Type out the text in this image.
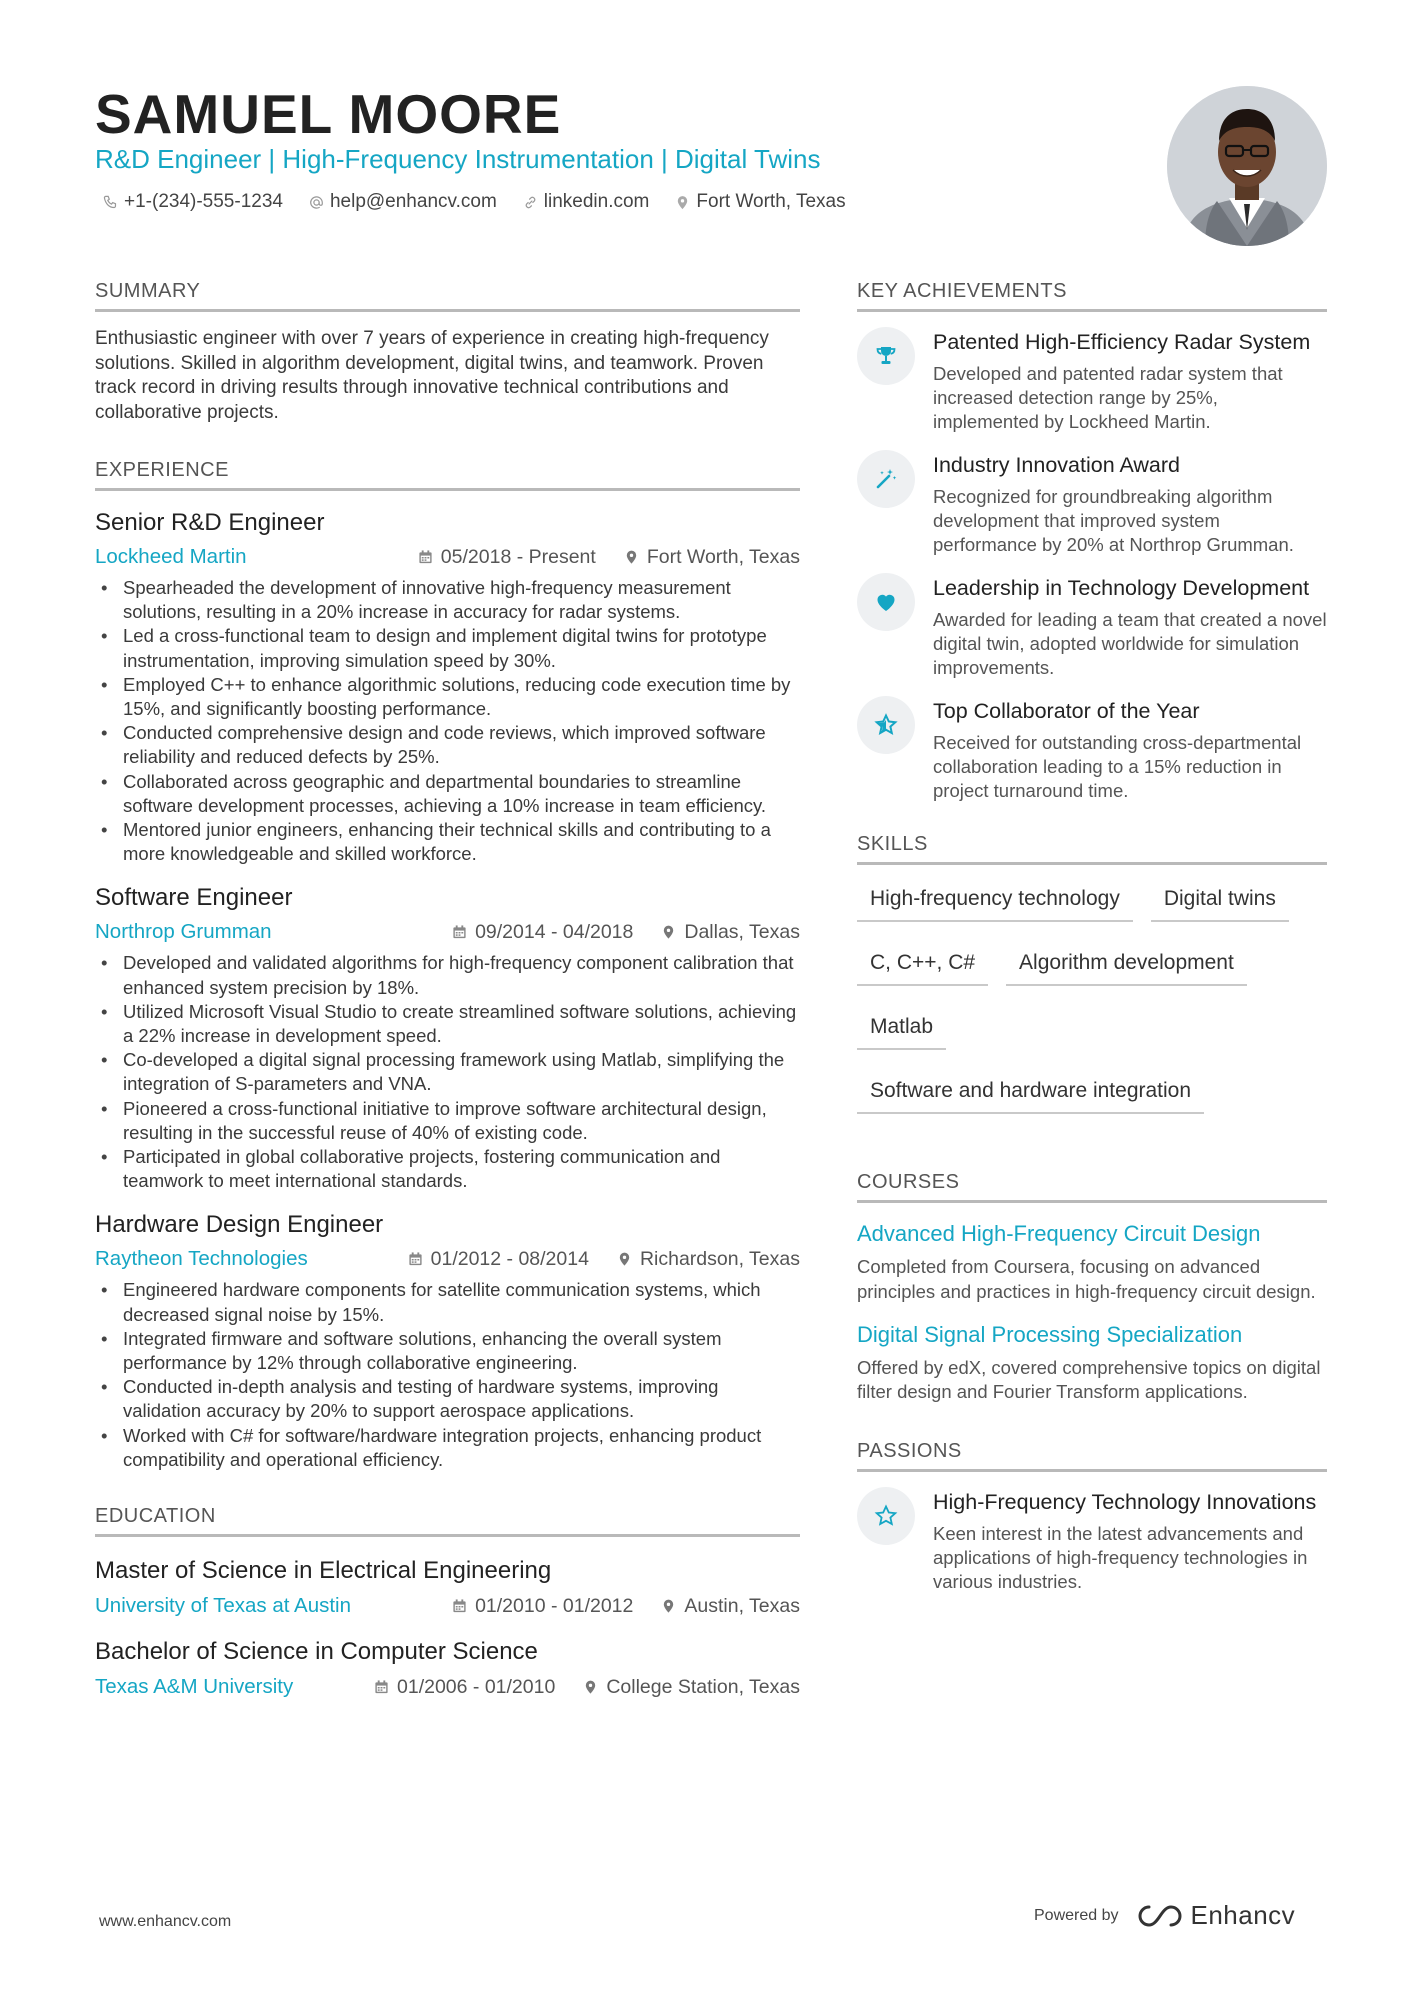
SAMUEL MOORE
R&D Engineer | High-Frequency Instrumentation | Digital Twins
+1-(234)-555-1234 help@enhancv.com linkedin.com Fort Worth, Texas
SUMMARY
Enthusiastic engineer with over 7 years of experience in creating high-frequency solutions. Skilled in algorithm development, digital twins, and teamwork. Proven track record in driving results through innovative technical contributions and collaborative projects.
EXPERIENCE
Senior R&D Engineer
Lockheed Martin	05/2018 - Present	Fort Worth, Texas
• Spearheaded the development of innovative high-frequency measurement solutions, resulting in a 20% increase in accuracy for radar systems.
• Led a cross-functional team to design and implement digital twins for prototype instrumentation, improving simulation speed by 30%.
• Employed C++ to enhance algorithmic solutions, reducing code execution time by 15%, and significantly boosting performance.
• Conducted comprehensive design and code reviews, which improved software reliability and reduced defects by 25%.
• Collaborated across geographic and departmental boundaries to streamline software development processes, achieving a 10% increase in team efficiency.
• Mentored junior engineers, enhancing their technical skills and contributing to a more knowledgeable and skilled workforce.
Software Engineer
Northrop Grumman	09/2014 - 04/2018	Dallas, Texas
• Developed and validated algorithms for high-frequency component calibration that enhanced system precision by 18%.
• Utilized Microsoft Visual Studio to create streamlined software solutions, achieving a 22% increase in development speed.
• Co-developed a digital signal processing framework using Matlab, simplifying the integration of S-parameters and VNA.
• Pioneered a cross-functional initiative to improve software architectural design, resulting in the successful reuse of 40% of existing code.
• Participated in global collaborative projects, fostering communication and teamwork to meet international standards.
Hardware Design Engineer
Raytheon Technologies	01/2012 - 08/2014	Richardson, Texas
• Engineered hardware components for satellite communication systems, which decreased signal noise by 15%.
• Integrated firmware and software solutions, enhancing the overall system performance by 12% through collaborative engineering.
• Conducted in-depth analysis and testing of hardware systems, improving validation accuracy by 20% to support aerospace applications.
• Worked with C# for software/hardware integration projects, enhancing product compatibility and operational efficiency.
EDUCATION
Master of Science in Electrical Engineering
University of Texas at Austin	01/2010 - 01/2012	Austin, Texas
Bachelor of Science in Computer Science
Texas A&M University	01/2006 - 01/2010	College Station, Texas
KEY ACHIEVEMENTS
Patented High-Efficiency Radar System
Developed and patented radar system that increased detection range by 25%, implemented by Lockheed Martin.
Industry Innovation Award
Recognized for groundbreaking algorithm development that improved system performance by 20% at Northrop Grumman.
Leadership in Technology Development
Awarded for leading a team that created a novel digital twin, adopted worldwide for simulation improvements.
Top Collaborator of the Year
Received for outstanding cross-departmental collaboration leading to a 15% reduction in project turnaround time.
SKILLS
High-frequency technology	Digital twins
C, C++, C#	Algorithm development
Matlab
Software and hardware integration
COURSES
Advanced High-Frequency Circuit Design
Completed from Coursera, focusing on advanced principles and practices in high-frequency circuit design.
Digital Signal Processing Specialization
Offered by edX, covered comprehensive topics on digital filter design and Fourier Transform applications.
PASSIONS
High-Frequency Technology Innovations
Keen interest in the latest advancements and applications of high-frequency technologies in various industries.
www.enhancv.com	Powered by	Enhancv
